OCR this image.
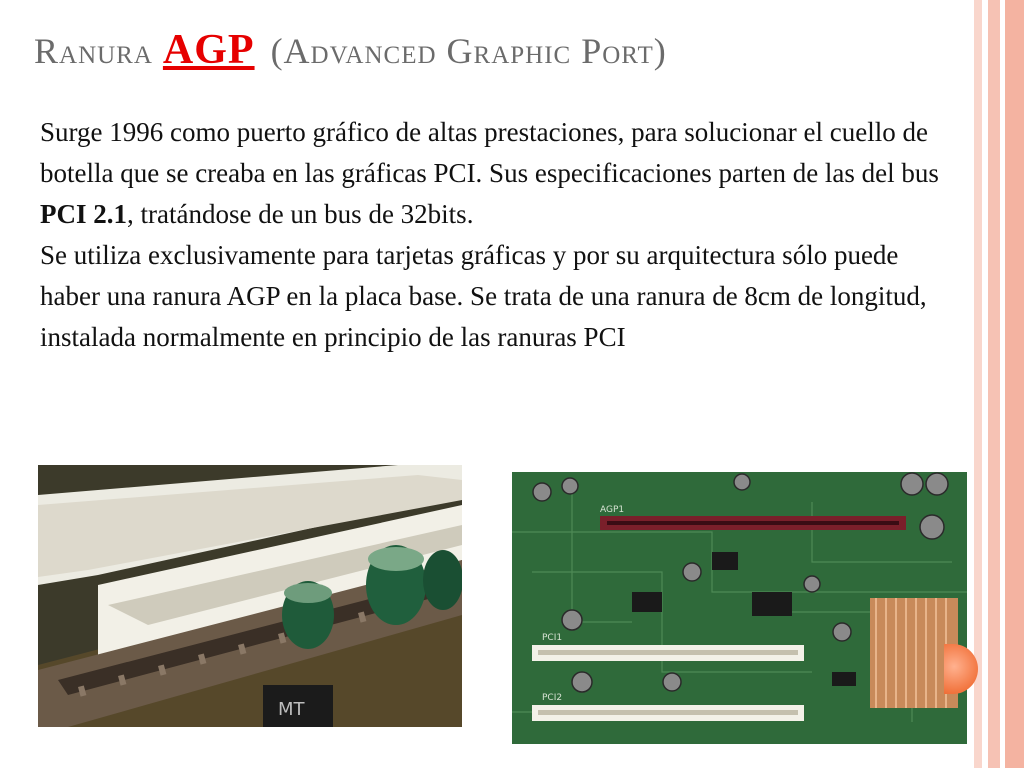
Ranura AGP (Advanced Graphic Port)

Surge 1996 como puerto gráfico de altas prestaciones, para solucionar el cuello de botella que se creaba en las gráficas PCI. Sus especificaciones parten de las del bus PCI 2.1, tratándose de un bus de 32bits.

Se utiliza exclusivamente para tarjetas gráficas y por su arquitectura sólo puede haber una ranura AGP en la placa base. Se trata de una ranura de 8cm de longitud, instalada normalmente en principio de las ranuras PCI

MT
AGP1
PCI1
PCI2
